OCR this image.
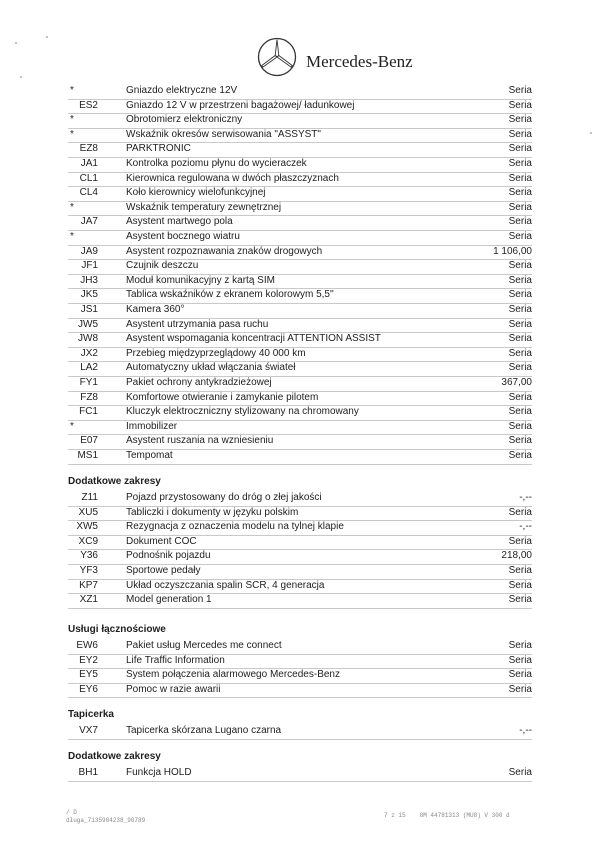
Mercedes-Benz
*	Gniazdo elektryczne 12V	Seria
ES2	Gniazdo 12 V w przestrzeni bagażowej/ ładunkowej	Seria
*	Obrotomierz elektroniczny	Seria
*	Wskaźnik okresów serwisowania "ASSYST"	Seria
EZ8	PARKTRONIC	Seria
JA1	Kontrolka poziomu płynu do wycieraczek	Seria
CL1	Kierownica regulowana w dwóch płaszczyznach	Seria
CL4	Koło kierownicy wielofunkcyjnej	Seria
*	Wskaźnik temperatury zewnętrznej	Seria
JA7	Asystent martwego pola	Seria
*	Asystent bocznego wiatru	Seria
JA9	Asystent rozpoznawania znaków drogowych	1 106,00
JF1	Czujnik deszczu	Seria
JH3	Moduł komunikacyjny z kartą SIM	Seria
JK5	Tablica wskaźników z ekranem kolorowym 5,5''	Seria
JS1	Kamera 360°	Seria
JW5	Asystent utrzymania pasa ruchu	Seria
JW8	Asystent wspomagania koncentracji ATTENTION ASSIST	Seria
JX2	Przebieg międzyprzeglądowy 40 000 km	Seria
LA2	Automatyczny układ włączania świateł	Seria
FY1	Pakiet ochrony antykradzieżowej	367,00
FZ8	Komfortowe otwieranie i zamykanie pilotem	Seria
FC1	Kluczyk elektroczniczny stylizowany na chromowany	Seria
*	Immobilizer	Seria
E07	Asystent ruszania na wzniesieniu	Seria
MS1	Tempomat	Seria
Dodatkowe zakresy
Z11	Pojazd przystosowany do dróg o złej jakości	-,--
XU5	Tabliczki i dokumenty w języku polskim	Seria
XW5	Rezygnacja z oznaczenia modelu na tylnej klapie	-,--
XC9	Dokument COC	Seria
Y36	Podnośnik pojazdu	218,00
YF3	Sportowe pedały	Seria
KP7	Układ oczyszczania spalin SCR, 4 generacja	Seria
XZ1	Model generation 1	Seria
Usługi łącznościowe
EW6	Pakiet usług Mercedes me connect	Seria
EY2	Life Traffic Information	Seria
EY5	System połączenia alarmowego Mercedes-Benz	Seria
EY6	Pomoc w razie awarii	Seria
Tapicerka
VX7	Tapicerka skórzana Lugano czarna	-,--
Dodatkowe zakresy
BH1	Funkcja HOLD	Seria
/ D
długa_7135904238_90789
7 z 15 8M 44781313 (MU8) V 300 d
